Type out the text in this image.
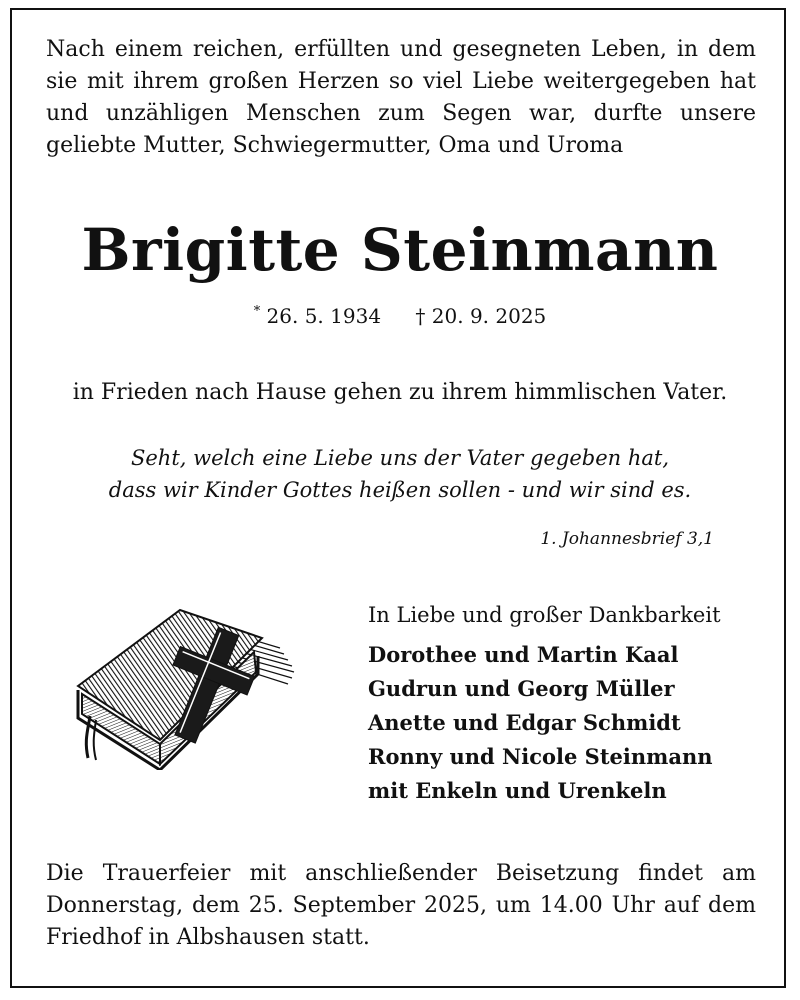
Nach einem reichen, erfüllten und gesegneten Leben, in dem sie mit ihrem großen Herzen so viel Liebe weitergegeben hat und unzähligen Menschen zum Segen war, durfte unsere geliebte Mutter, Schwiegermutter, Oma und Uroma
Brigitte Steinmann
* 26. 5. 1934 † 20. 9. 2025
in Frieden nach Hause gehen zu ihrem himmlischen Vater.
Seht, welch eine Liebe uns der Vater gegeben hat,
dass wir Kinder Gottes heißen sollen - und wir sind es.
1. Johannesbrief 3,1
In Liebe und großer Dankbarkeit
Dorothee und Martin Kaal
Gudrun und Georg Müller
Anette und Edgar Schmidt
Ronny und Nicole Steinmann
mit Enkeln und Urenkeln
Die Trauerfeier mit anschließender Beisetzung findet am Donnerstag, dem 25. September 2025, um 14.00 Uhr auf dem Friedhof in Albshausen statt.
